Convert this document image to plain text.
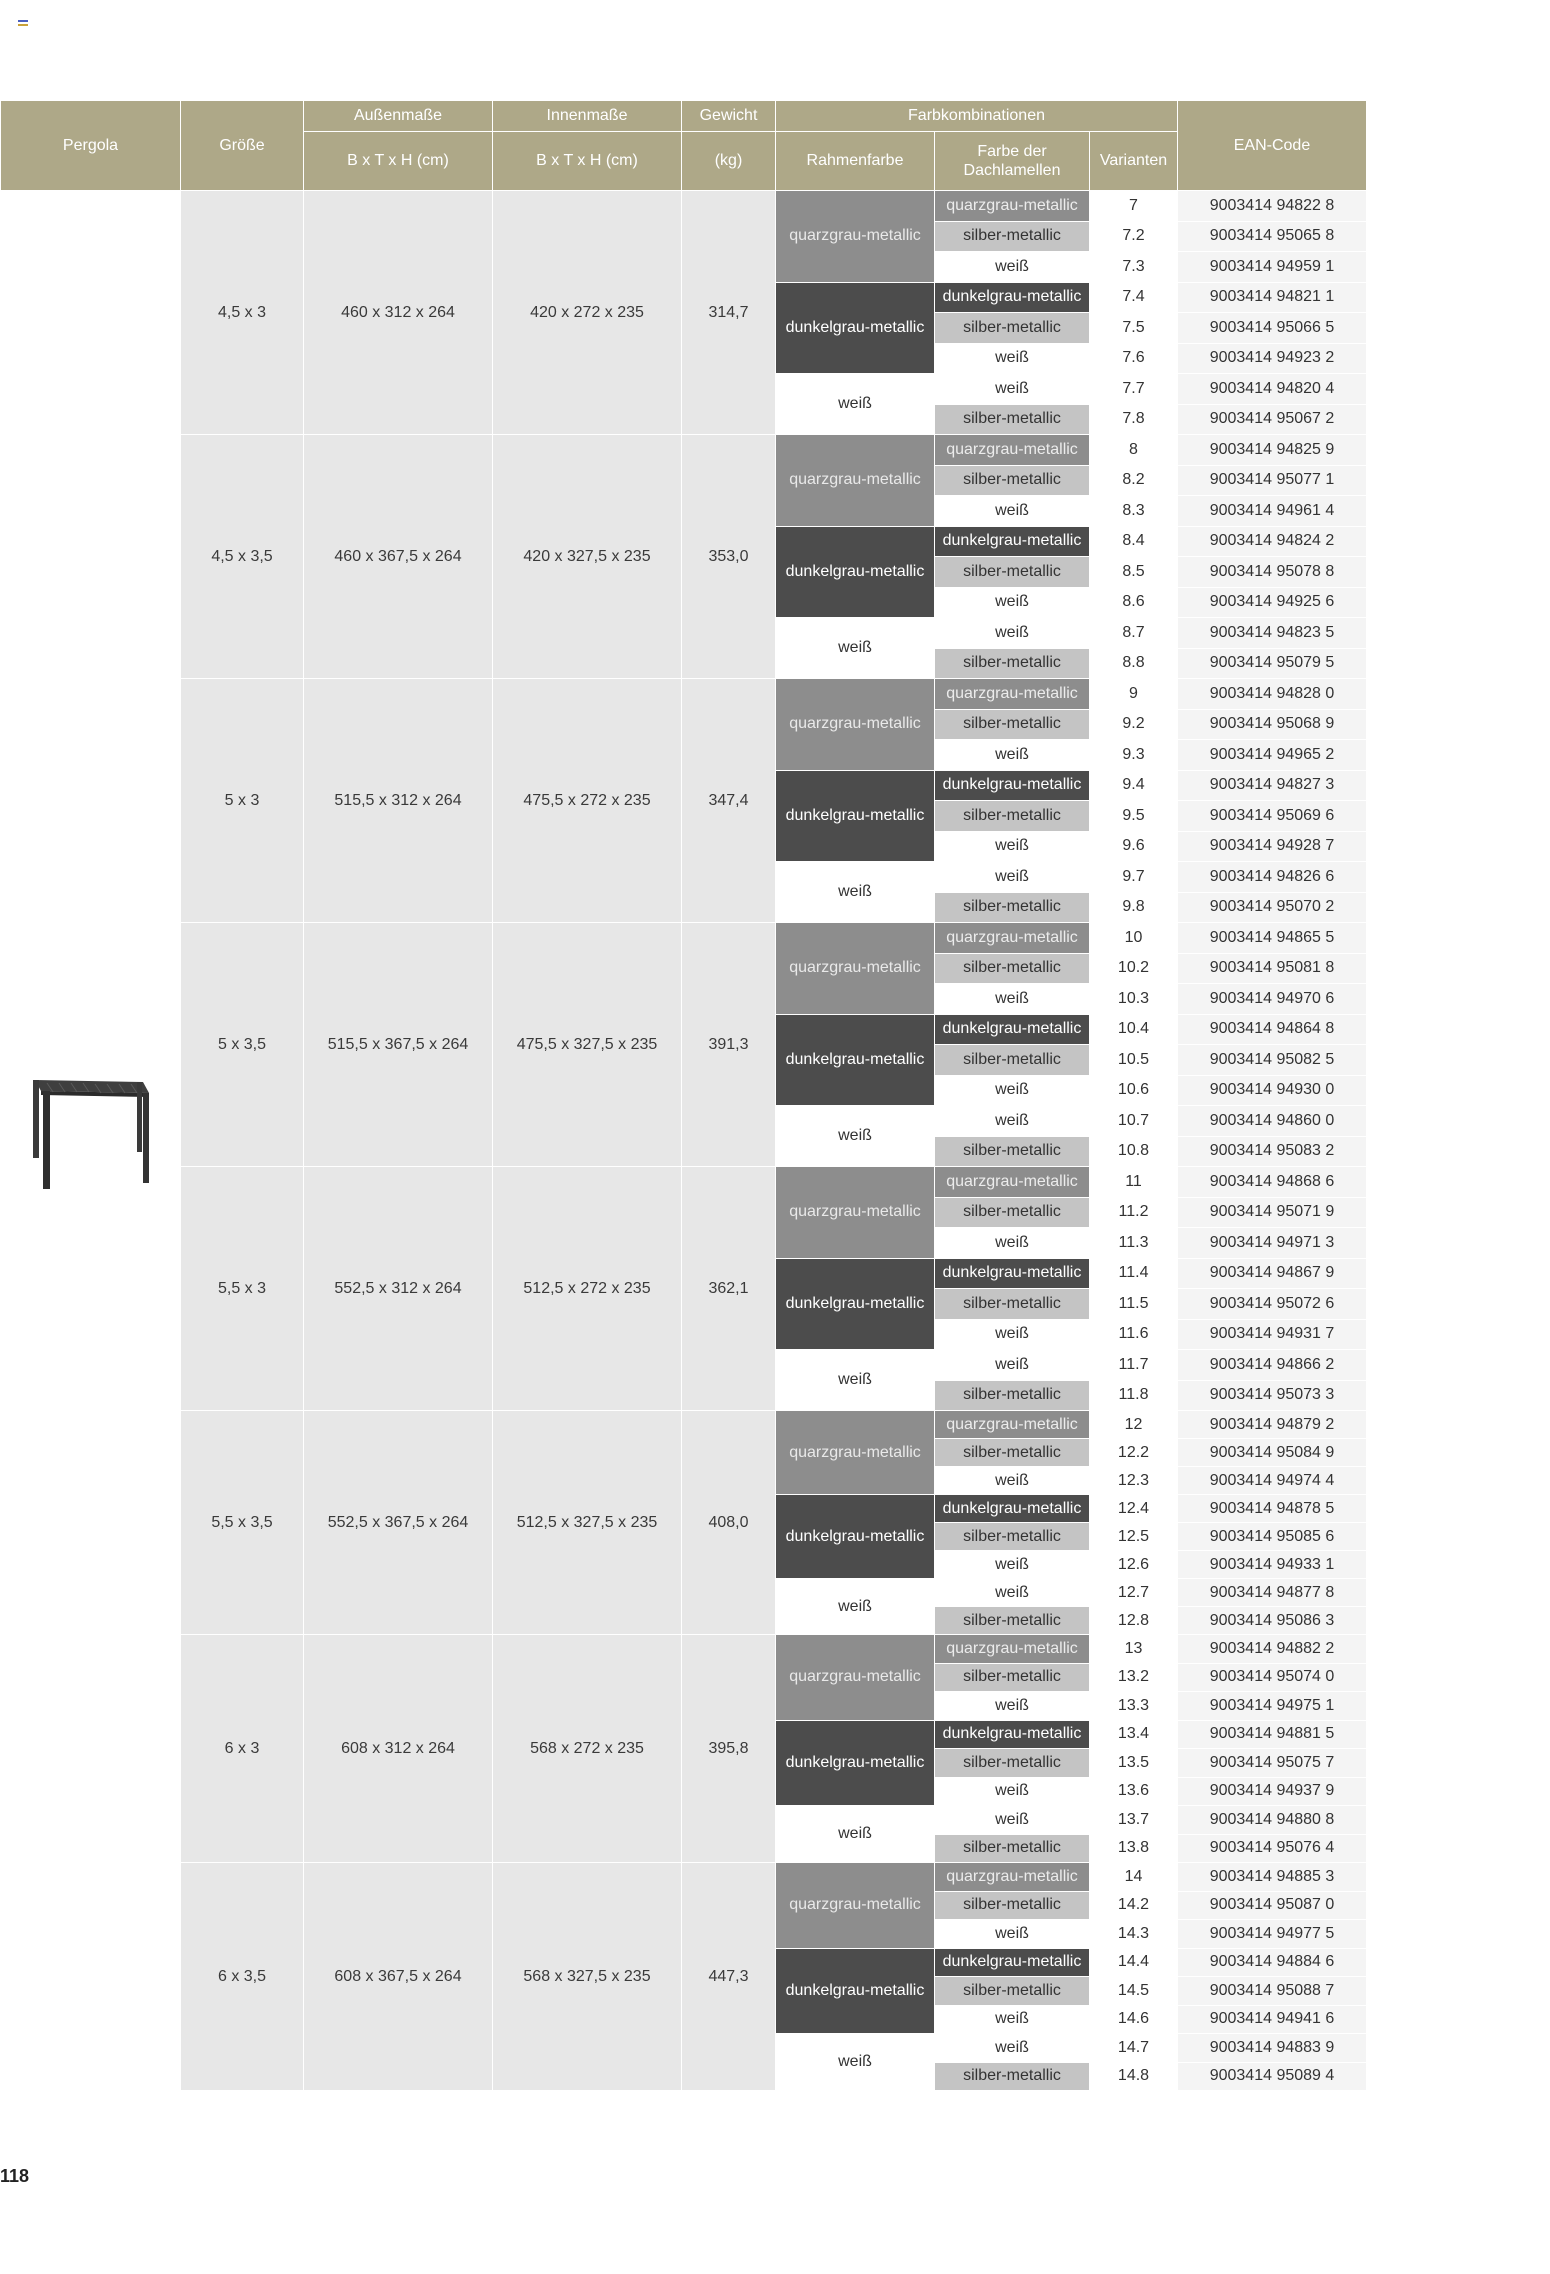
Pergola	Größe	Außenmaße	Innenmaße	Gewicht	Farbkombinationen			EAN-Code
		B x T x H (cm)	B x T x H (cm)	(kg)	Rahmenfarbe	Farbe der Dachlamellen	Varianten	
	4,5 x 3	460 x 312 x 264	420 x 272 x 235	314,7	quarzgrau-metallic	quarzgrau-metallic	7	9003414 94822 8
						silber-metallic	7.2	9003414 95065 8
						weiß	7.3	9003414 94959 1
					dunkelgrau-metallic	dunkelgrau-metallic	7.4	9003414 94821 1
						silber-metallic	7.5	9003414 95066 5
						weiß	7.6	9003414 94923 2
					weiß	weiß	7.7	9003414 94820 4
						silber-metallic	7.8	9003414 95067 2
	4,5 x 3,5	460 x 367,5 x 264	420 x 327,5 x 235	353,0	quarzgrau-metallic	quarzgrau-metallic	8	9003414 94825 9
						silber-metallic	8.2	9003414 95077 1
						weiß	8.3	9003414 94961 4
					dunkelgrau-metallic	dunkelgrau-metallic	8.4	9003414 94824 2
						silber-metallic	8.5	9003414 95078 8
						weiß	8.6	9003414 94925 6
					weiß	weiß	8.7	9003414 94823 5
						silber-metallic	8.8	9003414 95079 5
	5 x 3	515,5 x 312 x 264	475,5 x 272 x 235	347,4	quarzgrau-metallic	quarzgrau-metallic	9	9003414 94828 0
						silber-metallic	9.2	9003414 95068 9
						weiß	9.3	9003414 94965 2
					dunkelgrau-metallic	dunkelgrau-metallic	9.4	9003414 94827 3
						silber-metallic	9.5	9003414 95069 6
						weiß	9.6	9003414 94928 7
					weiß	weiß	9.7	9003414 94826 6
						silber-metallic	9.8	9003414 95070 2
	5 x 3,5	515,5 x 367,5 x 264	475,5 x 327,5 x 235	391,3	quarzgrau-metallic	quarzgrau-metallic	10	9003414 94865 5
						silber-metallic	10.2	9003414 95081 8
						weiß	10.3	9003414 94970 6
					dunkelgrau-metallic	dunkelgrau-metallic	10.4	9003414 94864 8
						silber-metallic	10.5	9003414 95082 5
						weiß	10.6	9003414 94930 0
					weiß	weiß	10.7	9003414 94860 0
						silber-metallic	10.8	9003414 95083 2
	5,5 x 3	552,5 x 312 x 264	512,5 x 272 x 235	362,1	quarzgrau-metallic	quarzgrau-metallic	11	9003414 94868 6
						silber-metallic	11.2	9003414 95071 9
						weiß	11.3	9003414 94971 3
					dunkelgrau-metallic	dunkelgrau-metallic	11.4	9003414 94867 9
						silber-metallic	11.5	9003414 95072 6
						weiß	11.6	9003414 94931 7
					weiß	weiß	11.7	9003414 94866 2
						silber-metallic	11.8	9003414 95073 3
	5,5 x 3,5	552,5 x 367,5 x 264	512,5 x 327,5 x 235	408,0	quarzgrau-metallic	quarzgrau-metallic	12	9003414 94879 2
						silber-metallic	12.2	9003414 95084 9
						weiß	12.3	9003414 94974 4
					dunkelgrau-metallic	dunkelgrau-metallic	12.4	9003414 94878 5
						silber-metallic	12.5	9003414 95085 6
						weiß	12.6	9003414 94933 1
					weiß	weiß	12.7	9003414 94877 8
						silber-metallic	12.8	9003414 95086 3
	6 x 3	608 x 312 x 264	568 x 272 x 235	395,8	quarzgrau-metallic	quarzgrau-metallic	13	9003414 94882 2
						silber-metallic	13.2	9003414 95074 0
						weiß	13.3	9003414 94975 1
					dunkelgrau-metallic	dunkelgrau-metallic	13.4	9003414 94881 5
						silber-metallic	13.5	9003414 95075 7
						weiß	13.6	9003414 94937 9
					weiß	weiß	13.7	9003414 94880 8
						silber-metallic	13.8	9003414 95076 4
	6 x 3,5	608 x 367,5 x 264	568 x 327,5 x 235	447,3	quarzgrau-metallic	quarzgrau-metallic	14	9003414 94885 3
						silber-metallic	14.2	9003414 95087 0
						weiß	14.3	9003414 94977 5
					dunkelgrau-metallic	dunkelgrau-metallic	14.4	9003414 94884 6
						silber-metallic	14.5	9003414 95088 7
						weiß	14.6	9003414 94941 6
					weiß	weiß	14.7	9003414 94883 9
						silber-metallic	14.8	9003414 95089 4
118
